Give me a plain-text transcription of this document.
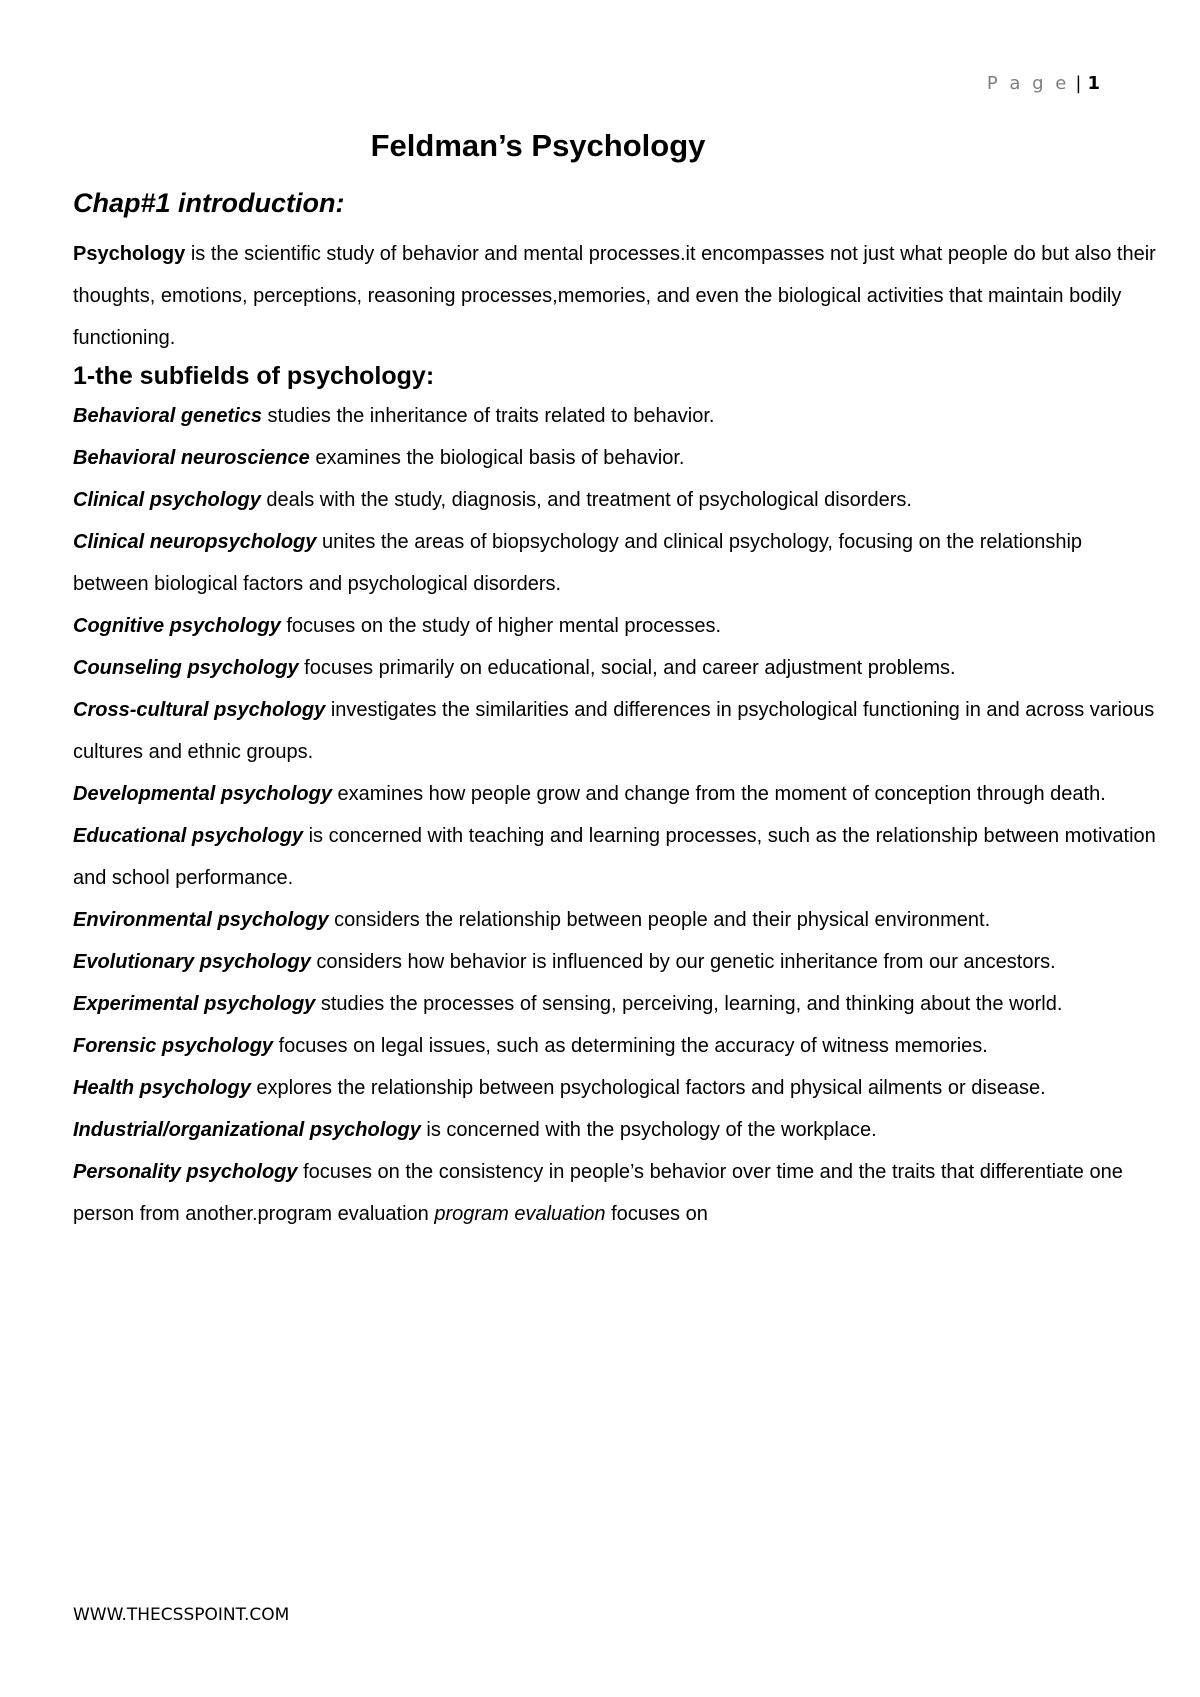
P a g e | 1
Feldman’s Psychology
Chap#1 introduction:

Psychology is the scientific study of behavior and mental processes.it encompasses not just what people do but also their thoughts, emotions, perceptions, reasoning processes,memories, and even the biological activities that maintain bodily functioning.

1-the subfields of psychology:

Behavioral genetics studies the inheritance of traits related to behavior.

Behavioral neuroscience examines the biological basis of behavior.

Clinical psychology deals with the study, diagnosis, and treatment of psychological disorders.

Clinical neuropsychology unites the areas of biopsychology and clinical psychology, focusing on the relationship between biological factors and psychological disorders.

Cognitive psychology focuses on the study of higher mental processes.

Counseling psychology focuses primarily on educational, social, and career adjustment problems.

Cross-cultural psychology investigates the similarities and differences in psychological functioning in and across various cultures and ethnic groups.

Developmental psychology examines how people grow and change from the moment of conception through death.

Educational psychology is concerned with teaching and learning processes, such as the relationship between motivation and school performance.

Environmental psychology considers the relationship between people and their physical environment.

Evolutionary psychology considers how behavior is influenced by our genetic inheritance from our ancestors.

Experimental psychology studies the processes of sensing, perceiving, learning, and thinking about the world.

Forensic psychology focuses on legal issues, such as determining the accuracy of witness memories.

Health psychology explores the relationship between psychological factors and physical ailments or disease.

Industrial/organizational psychology is concerned with the psychology of the workplace.

Personality psychology focuses on the consistency in people’s behavior over time and the traits that differentiate one person from another.program evaluation program evaluation focuses on

WWW.THECSSPOINT.COM
